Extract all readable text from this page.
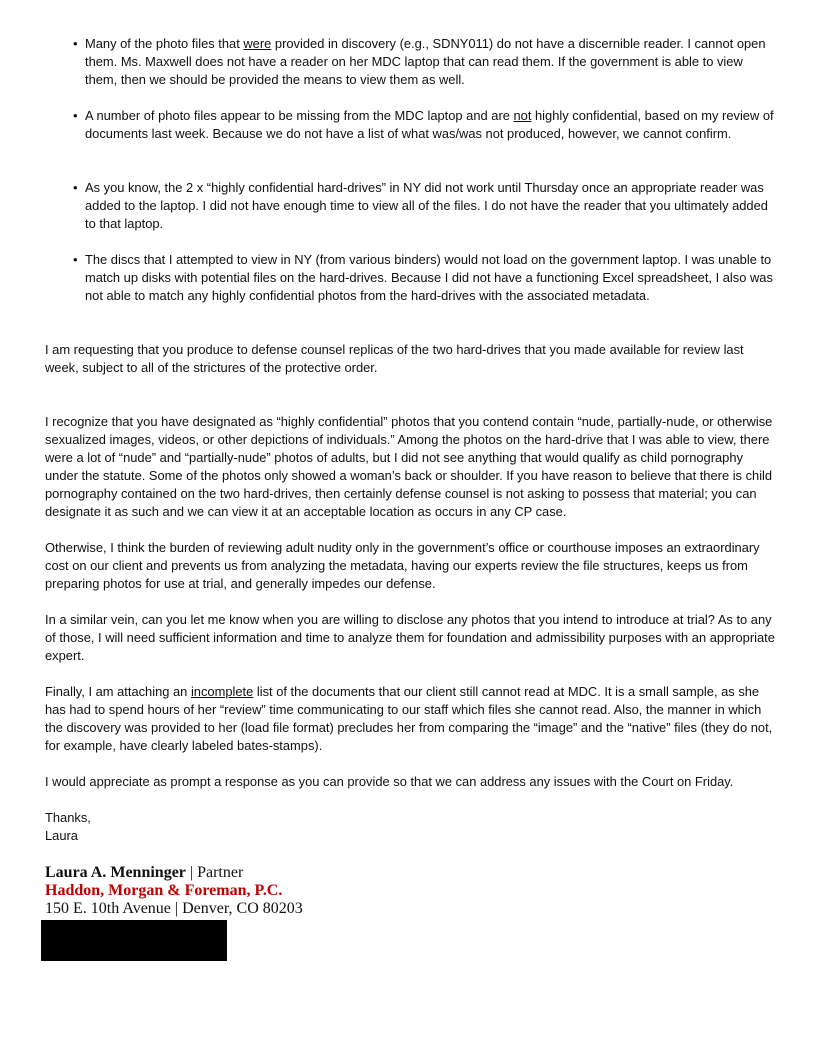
• Many of the photo files that were provided in discovery (e.g., SDNY011) do not have a discernible reader. I cannot open them. Ms. Maxwell does not have a reader on her MDC laptop that can read them. If the government is able to view them, then we should be provided the means to view them as well.
• A number of photo files appear to be missing from the MDC laptop and are not highly confidential, based on my review of documents last week. Because we do not have a list of what was/was not produced, however, we cannot confirm.
• As you know, the 2 x “highly confidential hard-drives” in NY did not work until Thursday once an appropriate reader was added to the laptop. I did not have enough time to view all of the files. I do not have the reader that you ultimately added to that laptop.
• The discs that I attempted to view in NY (from various binders) would not load on the government laptop. I was unable to match up disks with potential files on the hard-drives. Because I did not have a functioning Excel spreadsheet, I also was not able to match any highly confidential photos from the hard-drives with the associated metadata.
I am requesting that you produce to defense counsel replicas of the two hard-drives that you made available for review last week, subject to all of the strictures of the protective order.
I recognize that you have designated as “highly confidential” photos that you contend contain “nude, partially-nude, or otherwise sexualized images, videos, or other depictions of individuals.” Among the photos on the hard-drive that I was able to view, there were a lot of “nude” and “partially-nude” photos of adults, but I did not see anything that would qualify as child pornography under the statute. Some of the photos only showed a woman’s back or shoulder. If you have reason to believe that there is child pornography contained on the two hard-drives, then certainly defense counsel is not asking to possess that material; you can designate it as such and we can view it at an acceptable location as occurs in any CP case.
Otherwise, I think the burden of reviewing adult nudity only in the government’s office or courthouse imposes an extraordinary cost on our client and prevents us from analyzing the metadata, having our experts review the file structures, keeps us from preparing photos for use at trial, and generally impedes our defense.
In a similar vein, can you let me know when you are willing to disclose any photos that you intend to introduce at trial? As to any of those, I will need sufficient information and time to analyze them for foundation and admissibility purposes with an appropriate expert.
Finally, I am attaching an incomplete list of the documents that our client still cannot read at MDC. It is a small sample, as she has had to spend hours of her “review” time communicating to our staff which files she cannot read. Also, the manner in which the discovery was provided to her (load file format) precludes her from comparing the “image” and the “native” files (they do not, for example, have clearly labeled bates-stamps).
I would appreciate as prompt a response as you can provide so that we can address any issues with the Court on Friday.
Thanks,
Laura
Laura A. Menninger | Partner
Haddon, Morgan & Foreman, P.C.
150 E. 10th Avenue | Denver, CO 80203
